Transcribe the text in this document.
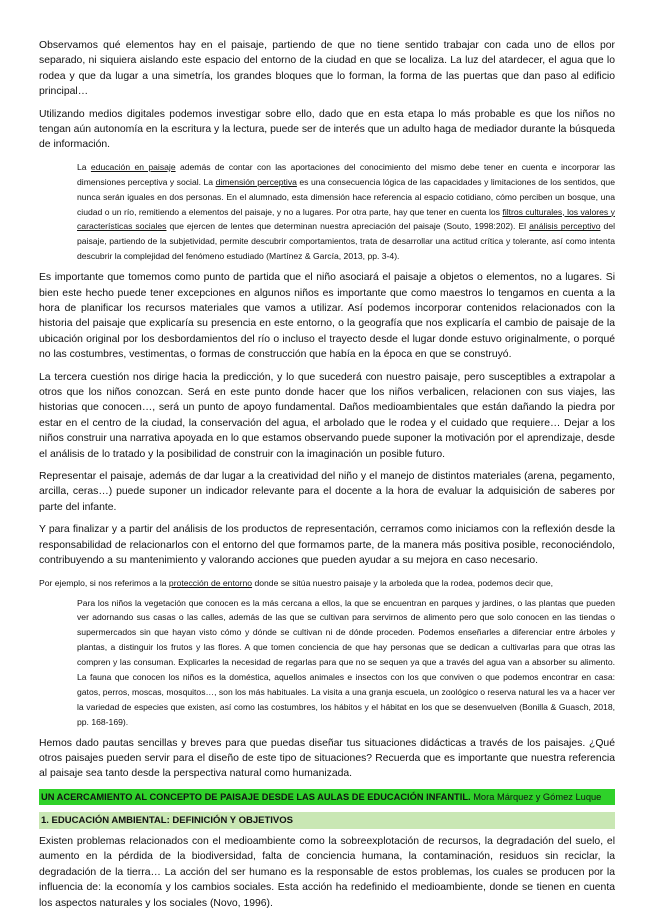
Observamos qué elementos hay en el paisaje, partiendo de que no tiene sentido trabajar con cada uno de ellos por separado, ni siquiera aislando este espacio del entorno de la ciudad en que se localiza. La luz del atardecer, el agua que lo rodea y que da lugar a una simetría, los grandes bloques que lo forman, la forma de las puertas que dan paso al edificio principal…

Utilizando medios digitales podemos investigar sobre ello, dado que en esta etapa lo más probable es que los niños no tengan aún autonomía en la escritura y la lectura, puede ser de interés que un adulto haga de mediador durante la búsqueda de información.

La educación en paisaje además de contar con las aportaciones del conocimiento del mismo debe tener en cuenta e incorporar las dimensiones perceptiva y social. La dimensión perceptiva es una consecuencia lógica de las capacidades y limitaciones de los sentidos, que nunca serán iguales en dos personas. En el alumnado, esta dimensión hace referencia al espacio cotidiano, cómo perciben un bosque, una ciudad o un río, remitiendo a elementos del paisaje, y no a lugares. Por otra parte, hay que tener en cuenta los filtros culturales, los valores y características sociales que ejercen de lentes que determinan nuestra apreciación del paisaje (Souto, 1998:202). El análisis perceptivo del paisaje, partiendo de la subjetividad, permite descubrir comportamientos, trata de desarrollar una actitud crítica y tolerante, así como intenta descubrir la complejidad del fenómeno estudiado (Martínez & García, 2013, pp. 3-4).

Es importante que tomemos como punto de partida que el niño asociará el paisaje a objetos o elementos, no a lugares. Si bien este hecho puede tener excepciones en algunos niños es importante que como maestros lo tengamos en cuenta a la hora de planificar los recursos materiales que vamos a utilizar. Así podemos incorporar contenidos relacionados con la historia del paisaje que explicaría su presencia en este entorno, o la geografía que nos explicaría el cambio de paisaje de la ubicación original por los desbordamientos del río o incluso el trayecto desde el lugar donde estuvo originalmente, o porqué no las costumbres, vestimentas, o formas de construcción que había en la época en que se construyó.

La tercera cuestión nos dirige hacia la predicción, y lo que sucederá con nuestro paisaje, pero susceptibles a extrapolar a otros que los niños conozcan. Será en este punto donde hacer que los niños verbalicen, relacionen con sus viajes, las historias que conocen…, será un punto de apoyo fundamental. Daños medioambientales que están dañando la piedra por estar en el centro de la ciudad, la conservación del agua, el arbolado que le rodea y el cuidado que requiere… Dejar a los niños construir una narrativa apoyada en lo que estamos observando puede suponer la motivación por el aprendizaje, desde el análisis de lo tratado y la posibilidad de construir con la imaginación un posible futuro.

Representar el paisaje, además de dar lugar a la creatividad del niño y el manejo de distintos materiales (arena, pegamento, arcilla, ceras…) puede suponer un indicador relevante para el docente a la hora de evaluar la adquisición de saberes por parte del infante.

Y para finalizar y a partir del análisis de los productos de representación, cerramos como iniciamos con la reflexión desde la responsabilidad de relacionarlos con el entorno del que formamos parte, de la manera más positiva posible, reconociéndolo, contribuyendo a su mantenimiento y valorando acciones que pueden ayudar a su mejora en caso necesario.

Por ejemplo, si nos referimos a la protección de entorno donde se sitúa nuestro paisaje y la arboleda que la rodea, podemos decir que,

Para los niños la vegetación que conocen es la más cercana a ellos, la que se encuentran en parques y jardines, o las plantas que pueden ver adornando sus casas o las calles, además de las que se cultivan para servirnos de alimento pero que solo conocen en las tiendas o supermercados sin que hayan visto cómo y dónde se cultivan ni de dónde proceden. Podemos enseñarles a diferenciar entre árboles y plantas, a distinguir los frutos y las flores. A que tomen conciencia de que hay personas que se dedican a cultivarlas para que otras las compren y las consuman. Explicarles la necesidad de regarlas para que no se sequen ya que a través del agua van a absorber su alimento. La fauna que conocen los niños es la doméstica, aquellos animales e insectos con los que conviven o que podemos encontrar en casa: gatos, perros, moscas, mosquitos…, son los más habituales. La visita a una granja escuela, un zoológico o reserva natural les va a hacer ver la variedad de especies que existen, así como las costumbres, los hábitos y el hábitat en los que se desenvuelven (Bonilla & Guasch, 2018, pp. 168-169).

Hemos dado pautas sencillas y breves para que puedas diseñar tus situaciones didácticas a través de los paisajes. ¿Qué otros paisajes pueden servir para el diseño de este tipo de situaciones? Recuerda que es importante que nuestra referencia al paisaje sea tanto desde la perspectiva natural como humanizada.

UN ACERCAMIENTO AL CONCEPTO DE PAISAJE DESDE LAS AULAS DE EDUCACIÓN INFANTIL. Mora Márquez y Gómez Luque
1. EDUCACIÓN AMBIENTAL: DEFINICIÓN Y OBJETIVOS

Existen problemas relacionados con el medioambiente como la sobreexplotación de recursos, la degradación del suelo, el aumento en la pérdida de la biodiversidad, falta de conciencia humana, la contaminación, residuos sin reciclar, la degradación de la tierra… La acción del ser humano es la responsable de estos problemas, los cuales se producen por la influencia de: la economía y los cambios sociales. Esta acción ha redefinido el medioambiente, donde se tienen en cuenta los aspectos naturales y los sociales (Novo, 1996).
